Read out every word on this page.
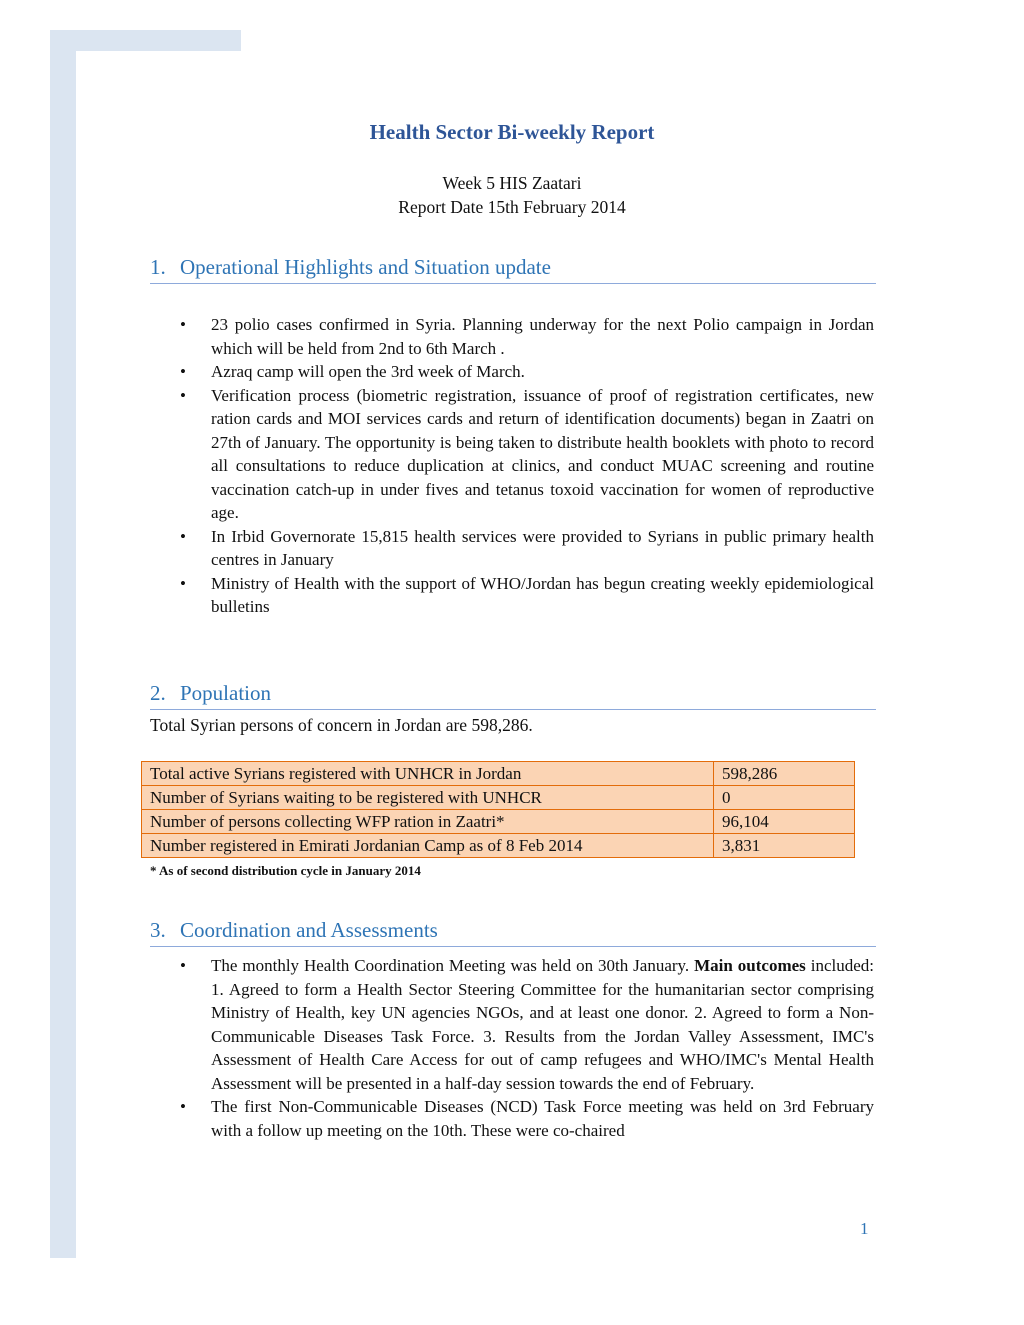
Health Sector Bi-weekly Report
Week 5 HIS Zaatari
Report Date 15th February 2014
1. Operational Highlights and Situation update
• 23 polio cases confirmed in Syria. Planning underway for the next Polio campaign in Jordan which will be held from 2nd to 6th March .
• Azraq camp will open the 3rd week of March.
• Verification process (biometric registration, issuance of proof of registration certificates, new ration cards and MOI services cards and return of identification documents) began in Zaatri on 27th of January. The opportunity is being taken to distribute health booklets with photo to record all consultations to reduce duplication at clinics, and conduct MUAC screening and routine vaccination catch-up in under fives and tetanus toxoid vaccination for women of reproductive age.
• In Irbid Governorate 15,815 health services were provided to Syrians in public primary health centres in January
• Ministry of Health with the support of WHO/Jordan has begun creating weekly epidemiological bulletins
2. Population
Total Syrian persons of concern in Jordan are 598,286.
Total active Syrians registered with UNHCR in Jordan	598,286
Number of Syrians waiting to be registered with UNHCR	0
Number of persons collecting WFP ration in Zaatri*	96,104
Number registered in Emirati Jordanian Camp as of 8 Feb 2014	3,831
* As of second distribution cycle in January 2014
3. Coordination and Assessments
• The monthly Health Coordination Meeting was held on 30th January. Main outcomes included: 1. Agreed to form a Health Sector Steering Committee for the humanitarian sector comprising Ministry of Health, key UN agencies NGOs, and at least one donor. 2. Agreed to form a Non-Communicable Diseases Task Force. 3. Results from the Jordan Valley Assessment, IMC's Assessment of Health Care Access for out of camp refugees and WHO/IMC's Mental Health Assessment will be presented in a half-day session towards the end of February.
• The first Non-Communicable Diseases (NCD) Task Force meeting was held on 3rd February with a follow up meeting on the 10th. These were co-chaired
1
